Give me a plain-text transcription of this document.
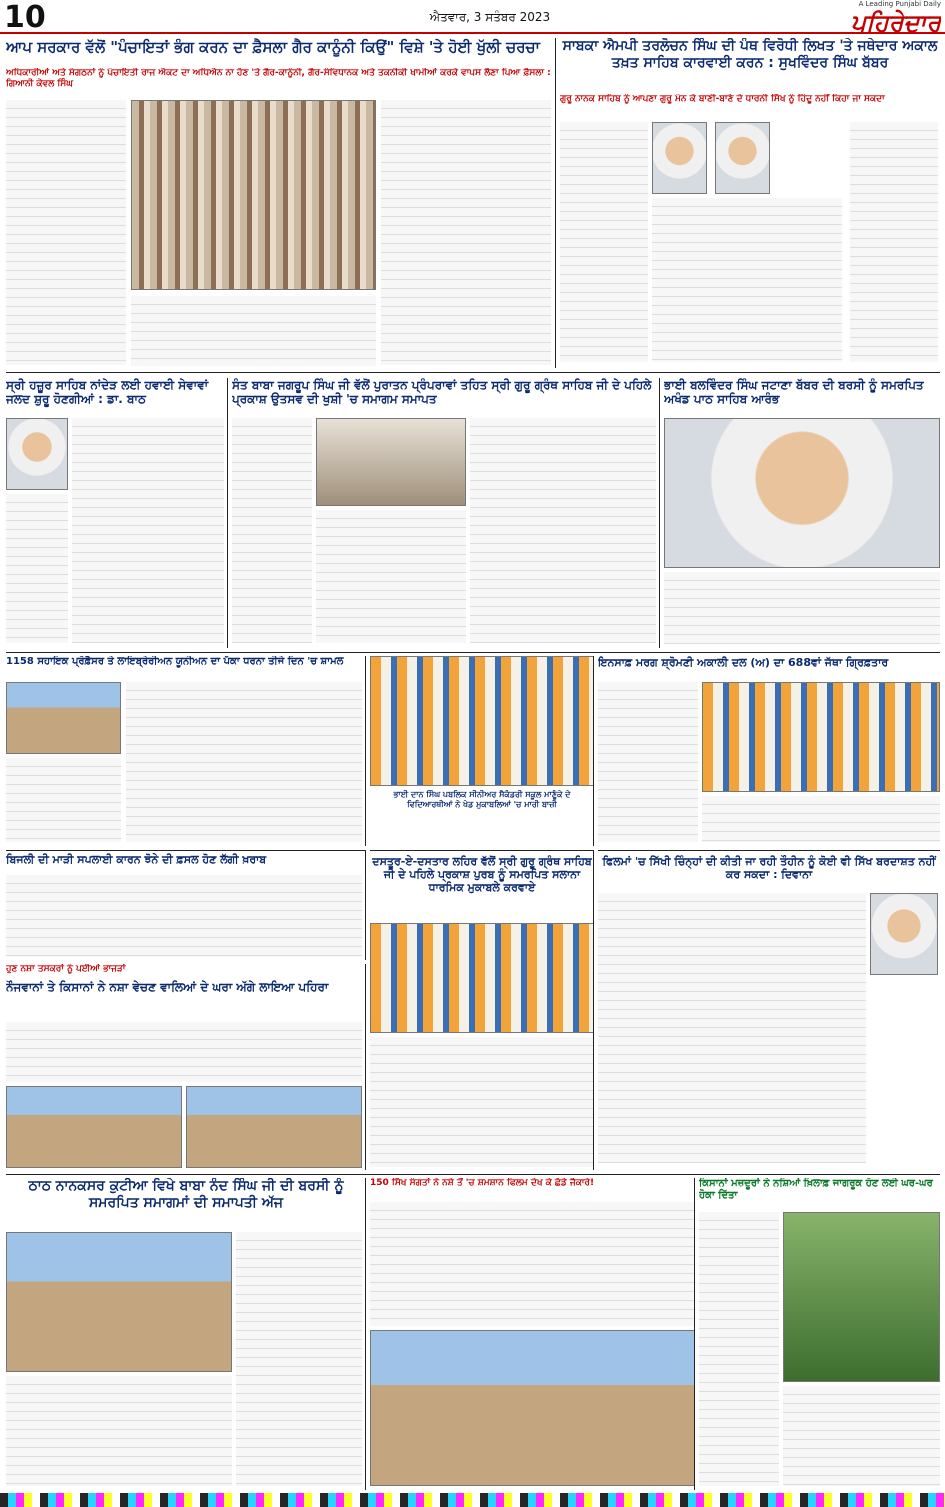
10	ਐਤਵਾਰ, 3 ਸਤੰਬਰ 2023
A Leading Punjabi Daily
ਪਹਿਰੇਦਾਰ
ਆਪ ਸਰਕਾਰ ਵੱਲੋਂ "ਪੰਚਾਇਤਾਂ ਭੰਗ ਕਰਨ ਦਾ ਫ਼ੈਸਲਾ ਗੈਰ ਕਾਨੂੰਨੀ ਕਿਉਂ" ਵਿਸ਼ੇ 'ਤੇ ਹੋਈ ਖੁੱਲੀ ਚਰਚਾ
ਅਧਿਕਾਰੀਆਂ ਅਤੇ ਸੰਗਠਨਾਂ ਨੂੰ ਪੰਚਾਇਤੀ ਰਾਜ ਐਕਟ ਦਾ ਅਧਿਐਨ ਨਾ ਹੋਣ 'ਤੇ ਗੈਰ-ਕਾਨੂੰਨੀ, ਗੈਰ-ਸੰਵਿਧਾਨਕ ਅਤੇ ਤਕਨੀਕੀ ਖਾਮੀਆਂ ਕਰਕੇ ਵਾਪਸ ਲੈਣਾ ਪਿਆ ਫ਼ੈਸਲਾ : ਗਿਆਨੀ ਕੇਵਲ ਸਿੰਘ
ਸਾਬਕਾ ਐਮਪੀ ਤਰਲੋਚਨ ਸਿੰਘ ਦੀ ਪੰਥ ਵਿਰੋਧੀ ਲਿਖਤ 'ਤੇ ਜਥੇਦਾਰ ਅਕਾਲ ਤਖ਼ਤ ਸਾਹਿਬ ਕਾਰਵਾਈ ਕਰਨ : ਸੁਖਵਿੰਦਰ ਸਿੰਘ ਬੱਬਰ
ਗੁਰੂ ਨਾਨਕ ਸਾਹਿਬ ਨੂੰ ਆਪਣਾ ਗੁਰੂ ਮੰਨ ਕੇ ਬਾਣੀ-ਬਾਣੇ ਦੇ ਧਾਰਨੀ ਸਿੱਖ ਨੂੰ ਹਿੰਦੂ ਨਹੀਂ ਕਿਹਾ ਜਾ ਸਕਦਾ
ਸ੍ਰੀ ਹਜ਼ੂਰ ਸਾਹਿਬ ਨਾਂਦੇੜ ਲਈ ਹਵਾਈ ਸੇਵਾਵਾਂ ਜਲਦ ਸ਼ੁਰੂ ਹੋਣਗੀਆਂ : ਡਾ. ਬਾਠ
ਸੰਤ ਬਾਬਾ ਜਗਰੂਪ ਸਿੰਘ ਜੀ ਵੱਲੋਂ ਪੁਰਾਤਨ ਪ੍ਰੰਪਰਾਵਾਂ ਤਹਿਤ ਸ੍ਰੀ ਗੁਰੂ ਗ੍ਰੰਥ ਸਾਹਿਬ ਜੀ ਦੇ ਪਹਿਲੇ ਪ੍ਰਕਾਸ਼ ਉਤਸਵ ਦੀ ਖੁਸ਼ੀ 'ਚ ਸਮਾਗਮ ਸਮਾਪਤ
ਭਾਈ ਬਲਵਿੰਦਰ ਸਿੰਘ ਜਟਾਣਾ ਬੱਬਰ ਦੀ ਬਰਸੀ ਨੂੰ ਸਮਰਪਿਤ ਅਖੰਡ ਪਾਠ ਸਾਹਿਬ ਆਰੰਭ
1158 ਸਹਾਇਕ ਪ੍ਰੋਫ਼ੈਸਰ ਤੇ ਲਾਇਬ੍ਰੇਰੀਅਨ ਯੂਨੀਅਨ ਦਾ ਪੱਕਾ ਧਰਨਾ ਤੀਜੇ ਦਿਨ 'ਚ ਸ਼ਾਮਲ
ਭਾਈ ਦਾਨ ਸਿੰਘ ਪਬਲਿਕ ਸੀਨੀਅਰ ਸੈਕੰਡਰੀ ਸਕੂਲ ਮਾਣੂੰਕੇ ਦੇ ਵਿਦਿਆਰਥੀਆਂ ਨੇ ਖੇਡ ਮੁਕਾਬਲਿਆਂ 'ਚ ਮਾਰੀ ਬਾਜ਼ੀ
ਇਨਸਾਫ਼ ਮਰਗ ਸ਼੍ਰੋਮਣੀ ਅਕਾਲੀ ਦਲ (ਅ) ਦਾ 688ਵਾਂ ਜੱਥਾ ਗ੍ਰਿਫ਼ਤਾਰ
ਬਿਜਲੀ ਦੀ ਮਾੜੀ ਸਪਲਾਈ ਕਾਰਨ ਝੋਨੇ ਦੀ ਫ਼ਸਲ ਹੋਣ ਲੱਗੀ ਖ਼ਰਾਬ	ਫਿਲਮਾਂ 'ਚ ਸਿੱਖੀ ਚਿੰਨ੍ਹਾਂ ਦੀ ਕੀਤੀ ਜਾ ਰਹੀ ਤੌਹੀਨ ਨੂੰ ਕੋਈ ਵੀ ਸਿੱਖ ਬਰਦਾਸ਼ਤ ਨਹੀਂ ਕਰ ਸਕਦਾ : ਦਿਵਾਨਾ
ਹੁਣ ਨਸ਼ਾ ਤਸਕਰਾਂ ਨੂੰ ਪਈਆਂ ਭਾਜੜਾਂ
ਨੌਜਵਾਨਾਂ ਤੇ ਕਿਸਾਨਾਂ ਨੇ ਨਸ਼ਾ ਵੇਚਣ ਵਾਲਿਆਂ ਦੇ ਘਰਾ ਅੱਗੇ ਲਾਇਆ ਪਹਿਰਾ
ਦਸਤੂਰ-ਏ-ਦਸਤਾਰ ਲਹਿਰ ਵੱਲੋਂ ਸ੍ਰੀ ਗੁਰੂ ਗ੍ਰੰਥ ਸਾਹਿਬ ਜੀ ਦੇ ਪਹਿਲੇ ਪ੍ਰਕਾਸ਼ ਪੁਰਬ ਨੂੰ ਸਮਰਪਿਤ ਸਲਾਨਾ ਧਾਰਮਿਕ ਮੁਕਾਬਲੇ ਕਰਵਾਏ
ਠਾਠ ਨਾਨਕਸਰ ਕੁਟੀਆ ਵਿਖੇ ਬਾਬਾ ਨੰਦ ਸਿੰਘ ਜੀ ਦੀ ਬਰਸੀ ਨੂੰ ਸਮਰਪਿਤ ਸਮਾਗਮਾਂ ਦੀ ਸਮਾਪਤੀ ਅੱਜ
150 ਸਿੱਖ ਸੰਗਤਾਂ ਨੇ ਨਸ਼ੇ ਤੋਂ 'ਚ ਸ਼ਮਸ਼ਾਨ ਫਿਲਮ ਦੇਖ ਕੇ ਛੱਡੇ ਜੈਕਾਰੇ!	ਕਿਸਾਨਾਂ ਮਜ਼ਦੂਰਾਂ ਨੇ ਨਸ਼ਿਆਂ ਖ਼ਿਲਾਫ਼ ਜਾਗਰੂਕ ਹੋਣ ਲਈ ਘਰ-ਘਰ ਹੋਕਾ ਦਿੱਤਾ
